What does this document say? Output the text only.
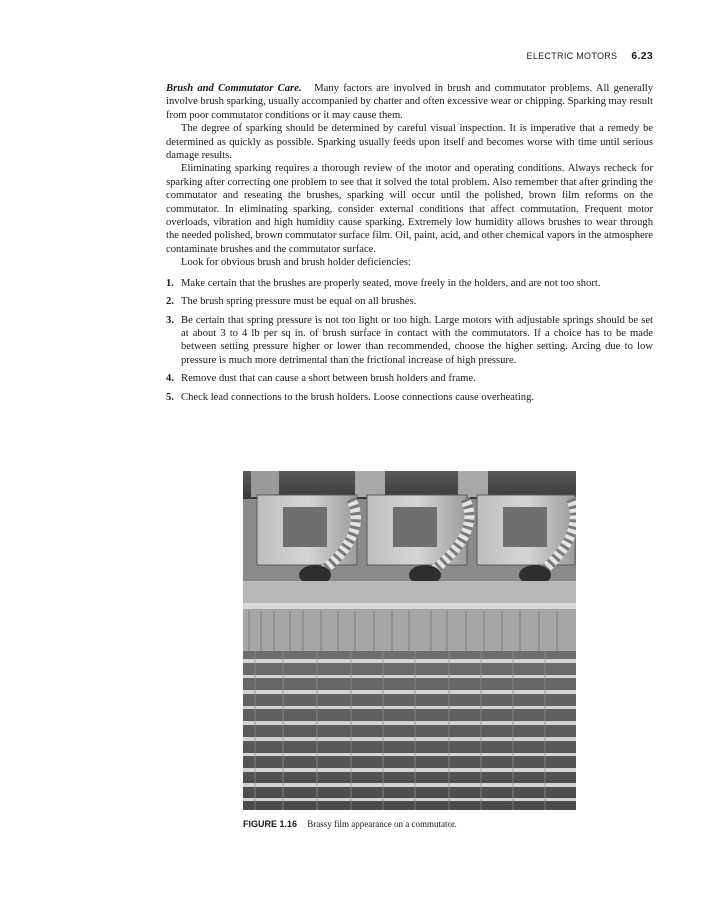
ELECTRIC MOTORS 6.23

Brush and Commutator Care. Many factors are involved in brush and commutator problems. All generally involve brush sparking, usually accompanied by chatter and often excessive wear or chipping. Sparking may result from poor commutator conditions or it may cause them.

The degree of sparking should be determined by careful visual inspection. It is imperative that a remedy be determined as quickly as possible. Sparking usually feeds upon itself and becomes worse with time until serious damage results.

Eliminating sparking requires a thorough review of the motor and operating conditions. Always recheck for sparking after correcting one problem to see that it solved the total problem. Also remember that after grinding the commutator and reseating the brushes, sparking will occur until the polished, brown film reforms on the commutator. In eliminating sparking, consider external conditions that affect commutation. Frequent motor overloads, vibration and high humidity cause sparking. Extremely low humidity allows brushes to wear through the needed polished, brown commutator surface film. Oil, paint, acid, and other chemical vapors in the atmosphere contaminate brushes and the commutator surface.

Look for obvious brush and brush holder deficiencies:

1. Make certain that the brushes are properly seated, move freely in the holders, and are not too short.
2. The brush spring pressure must be equal on all brushes.
3. Be certain that spring pressure is not too light or too high. Large motors with adjustable springs should be set at about 3 to 4 lb per sq in. of brush surface in contact with the commutators. If a choice has to be made between setting pressure higher or lower than recommended, choose the higher setting. Arcing due to low pressure is much more detrimental than the frictional increase of high pressure.
4. Remove dust that can cause a short between brush holders and frame.
5. Check lead connections to the brush holders. Loose connections cause overheating.
FIGURE 1.16 Brassy film appearance on a commutator.
